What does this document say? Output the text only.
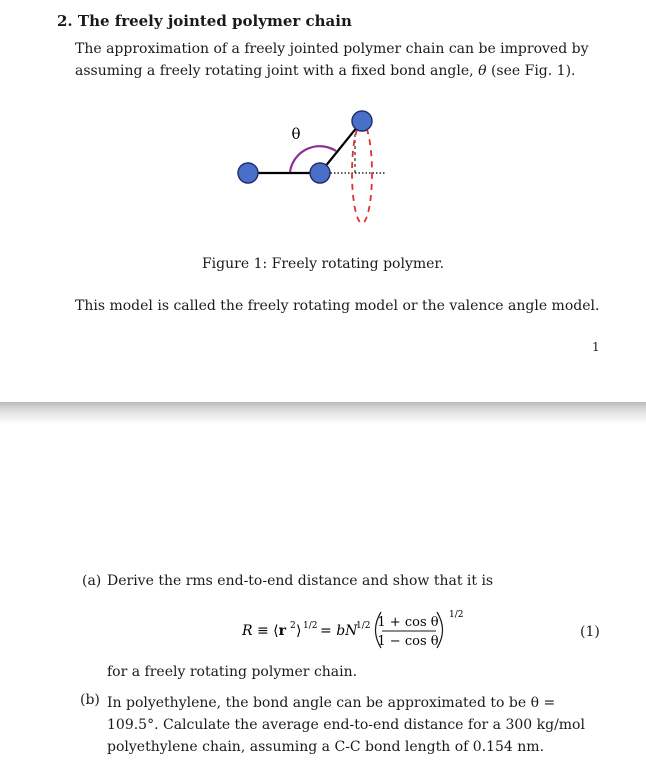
2. The freely jointed polymer chain
The approximation of a freely jointed polymer chain can be improved by assuming a freely rotating joint with a fixed bond angle, θ (see Fig. 1).
θ
Figure 1: Freely rotating polymer.
This model is called the freely rotating model or the valence angle model.
1
(a) Derive the rms end-to-end distance and show that it is
R ≡ ⟨r 2 ⟩ 1/2 = bN
1/2 1 + cos θ
1 − cos θ
1/2
(1)
for a freely rotating polymer chain.
(b) In polyethylene, the bond angle can be approximated to be θ = 109.5°. Calculate the average end-to-end distance for a 300 kg/mol polyethylene chain, assuming a C-C bond length of 0.154 nm.
